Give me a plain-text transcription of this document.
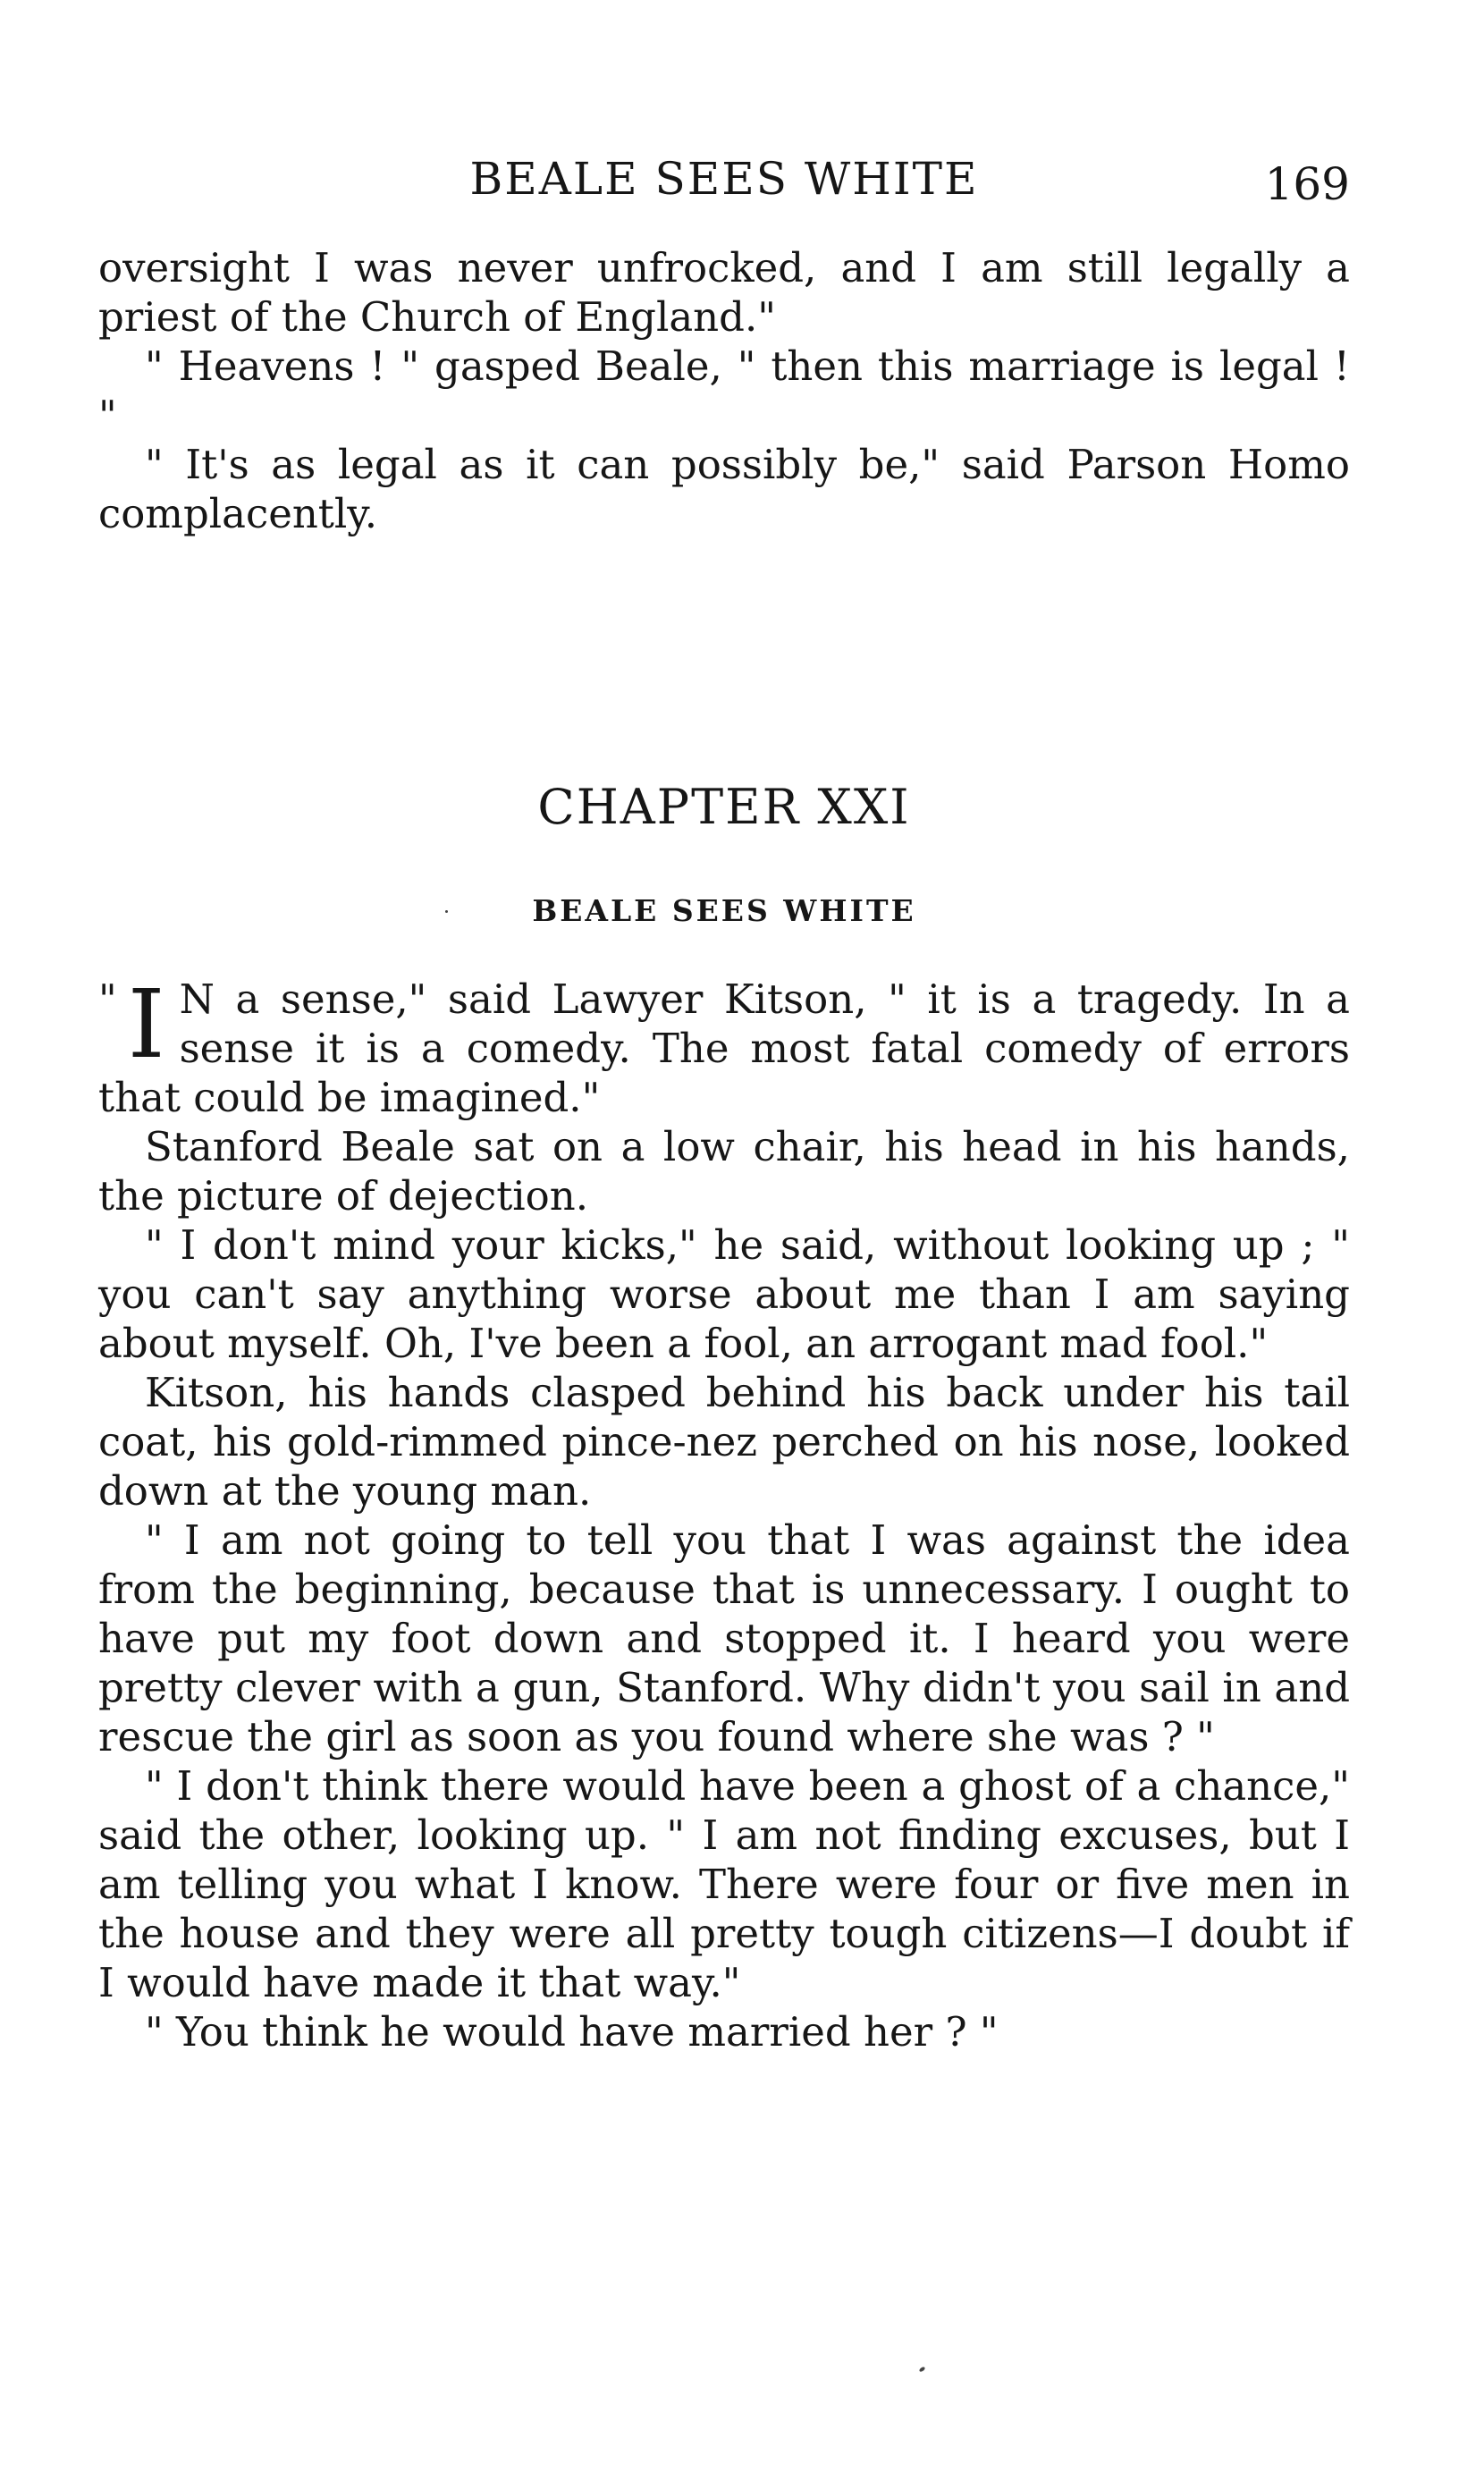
BEALE SEES WHITE	169

oversight I was never unfrocked, and I am still legally a priest of the Church of England."

" Heavens ! " gasped Beale, " then this marriage is legal ! "

" It's as legal as it can possibly be," said Parson Homo complacently.

CHAPTER XXI
BEALE SEES WHITE

" I N a sense," said Lawyer Kitson, " it is a tragedy. In a sense it is a comedy. The most fatal comedy of errors that could be imagined."

Stanford Beale sat on a low chair, his head in his hands, the picture of dejection.

" I don't mind your kicks," he said, without looking up ; " you can't say anything worse about me than I am saying about myself. Oh, I've been a fool, an arrogant mad fool."

Kitson, his hands clasped behind his back under his tail coat, his gold-rimmed pince-nez perched on his nose, looked down at the young man.

" I am not going to tell you that I was against the idea from the beginning, because that is unnecessary. I ought to have put my foot down and stopped it. I heard you were pretty clever with a gun, Stanford. Why didn't you sail in and rescue the girl as soon as you found where she was ? "

" I don't think there would have been a ghost of a chance," said the other, looking up. " I am not finding excuses, but I am telling you what I know. There were four or five men in the house and they were all pretty tough citizens—I doubt if I would have made it that way."

" You think he would have married her ? "
